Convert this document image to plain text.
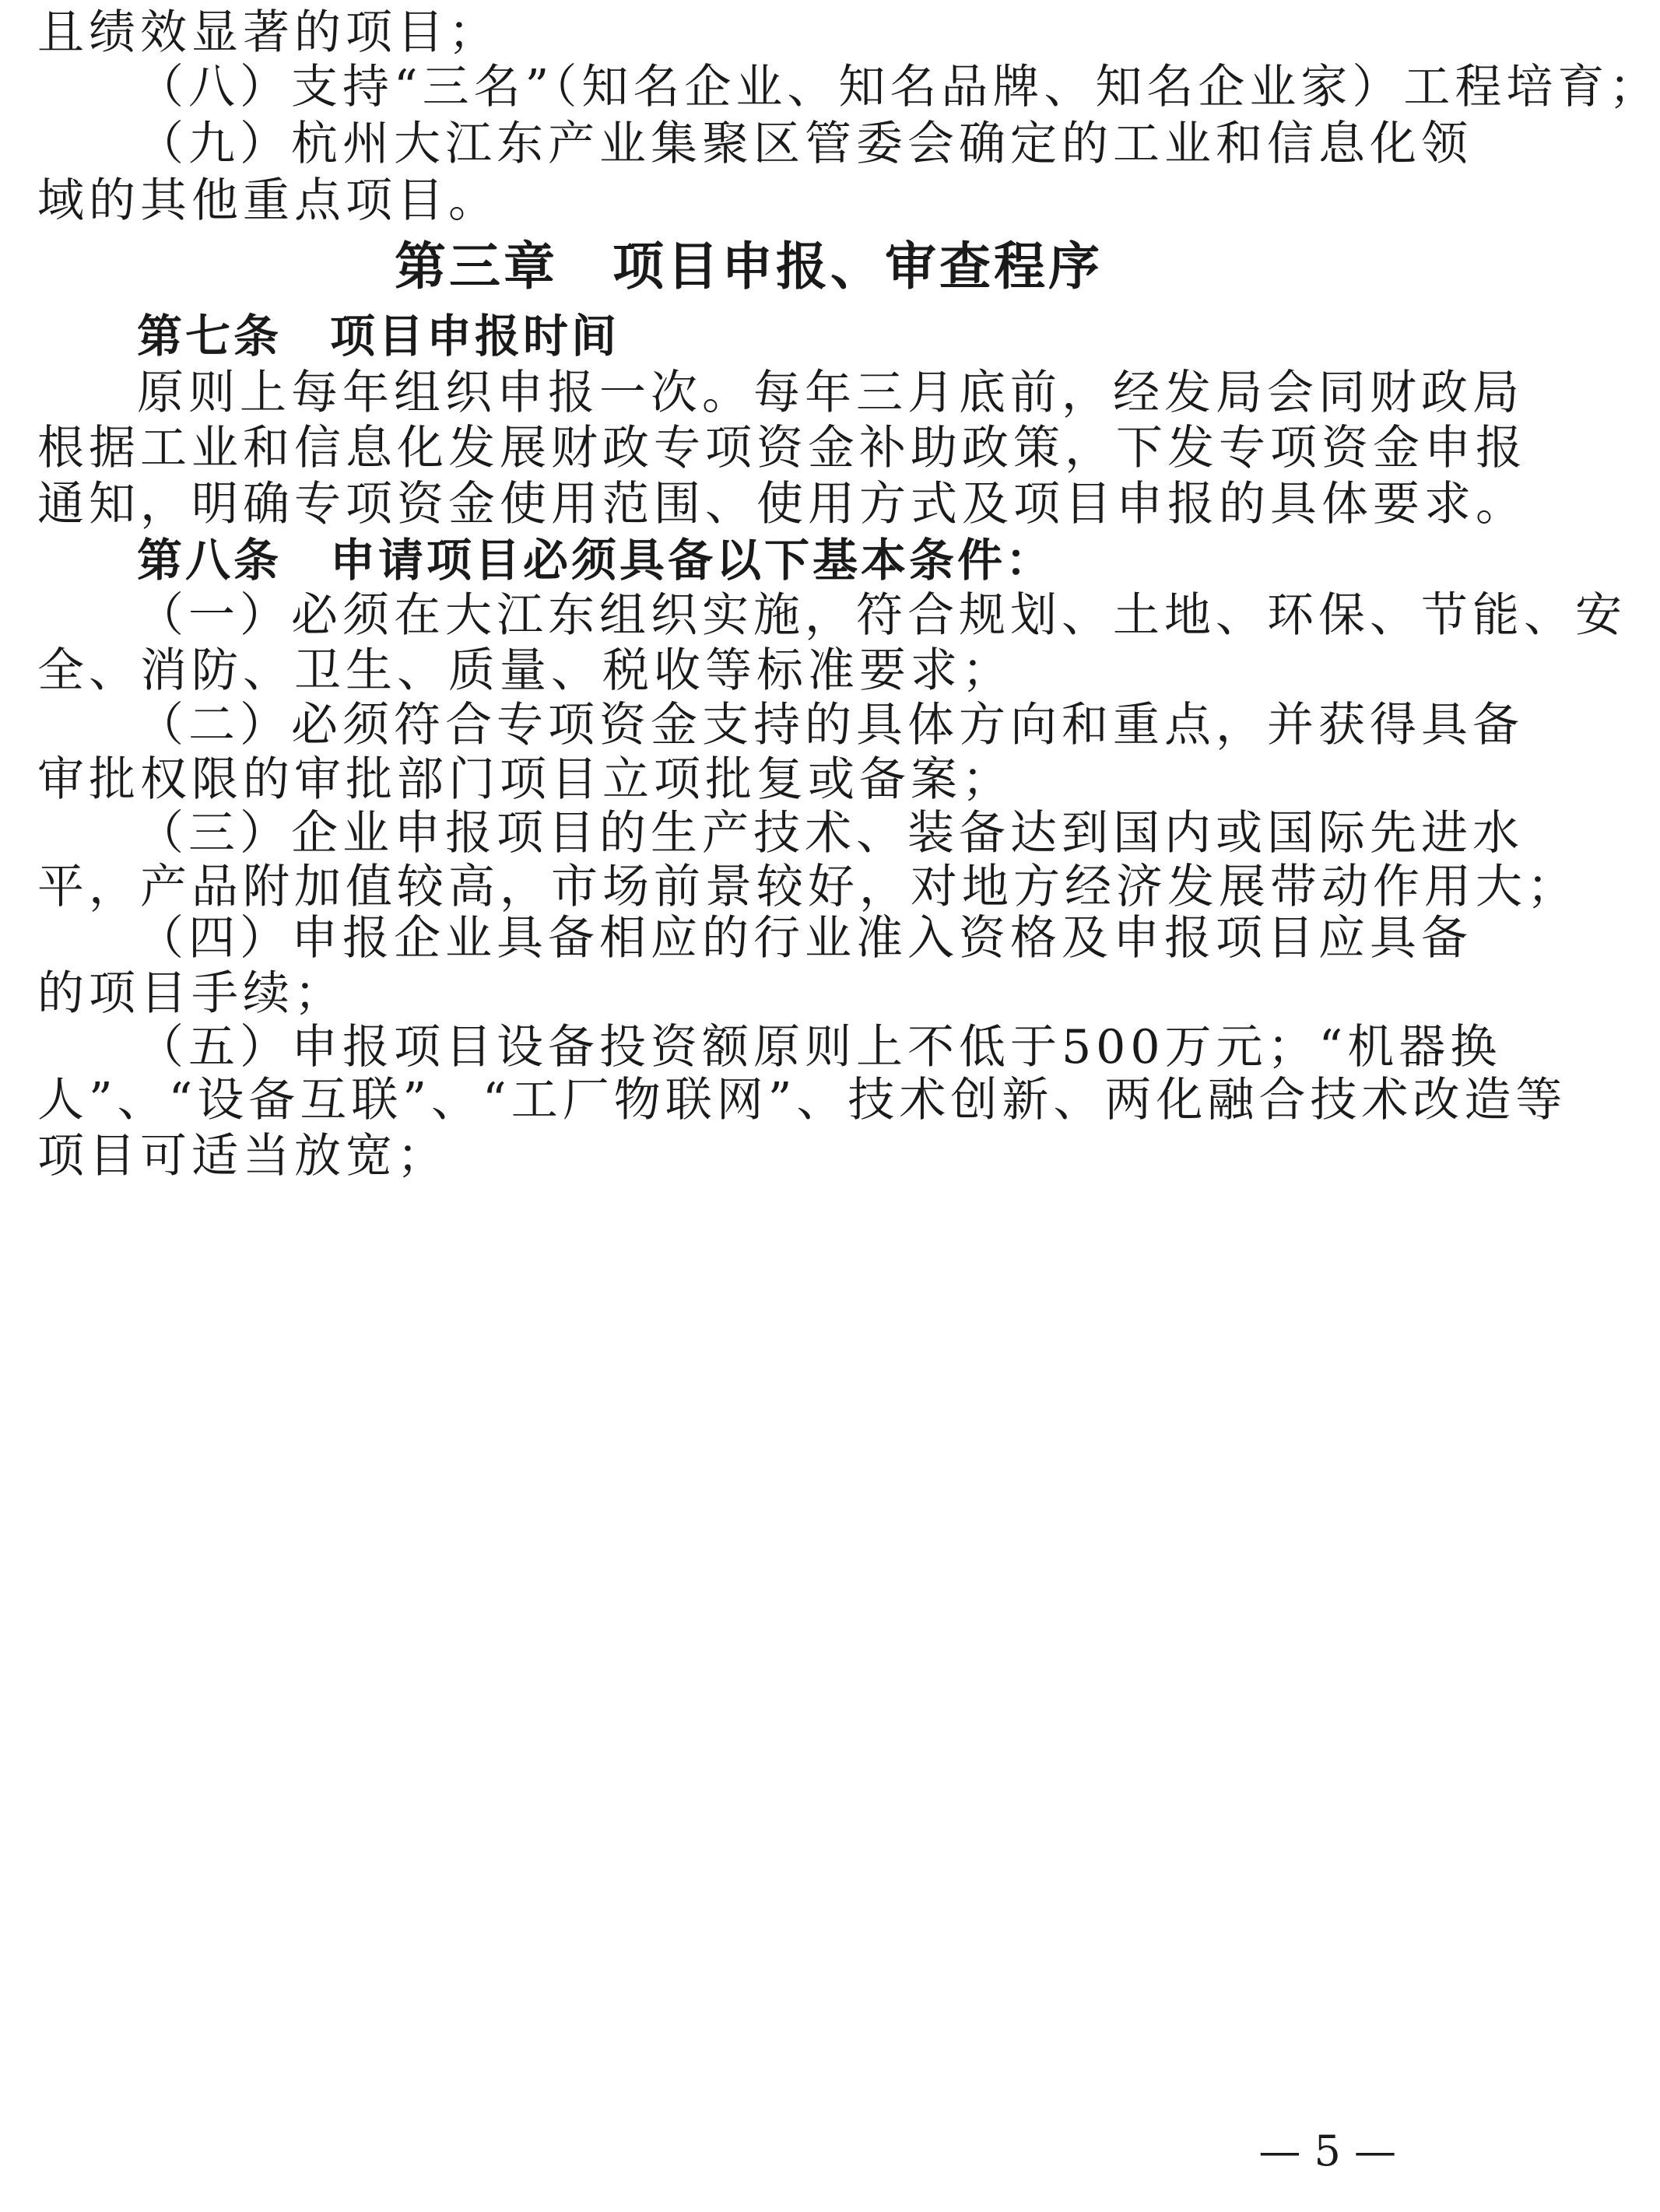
且绩效显著的项目；
（八）支持“三名”（知名企业、知名品牌、知名企业家）工程培育；
（九）杭州大江东产业集聚区管委会确定的工业和信息化领
域的其他重点项目。
第三章　项目申报、审查程序
第七条　项目申报时间
原则上每年组织申报一次。每年三月底前，经发局会同财政局
根据工业和信息化发展财政专项资金补助政策，下发专项资金申报
通知，明确专项资金使用范围、使用方式及项目申报的具体要求。
第八条　申请项目必须具备以下基本条件：
（一）必须在大江东组织实施，符合规划、土地、环保、节能、安
全、消防、卫生、质量、税收等标准要求；
（二）必须符合专项资金支持的具体方向和重点，并获得具备
审批权限的审批部门项目立项批复或备案；
（三）企业申报项目的生产技术、装备达到国内或国际先进水
平，产品附加值较高，市场前景较好，对地方经济发展带动作用大；
（四）申报企业具备相应的行业准入资格及申报项目应具备
的项目手续；
（五）申报项目设备投资额原则上不低于500万元；“机器换
人”、“设备互联”、“工厂物联网”、技术创新、两化融合技术改造等
项目可适当放宽；
— 5 —
